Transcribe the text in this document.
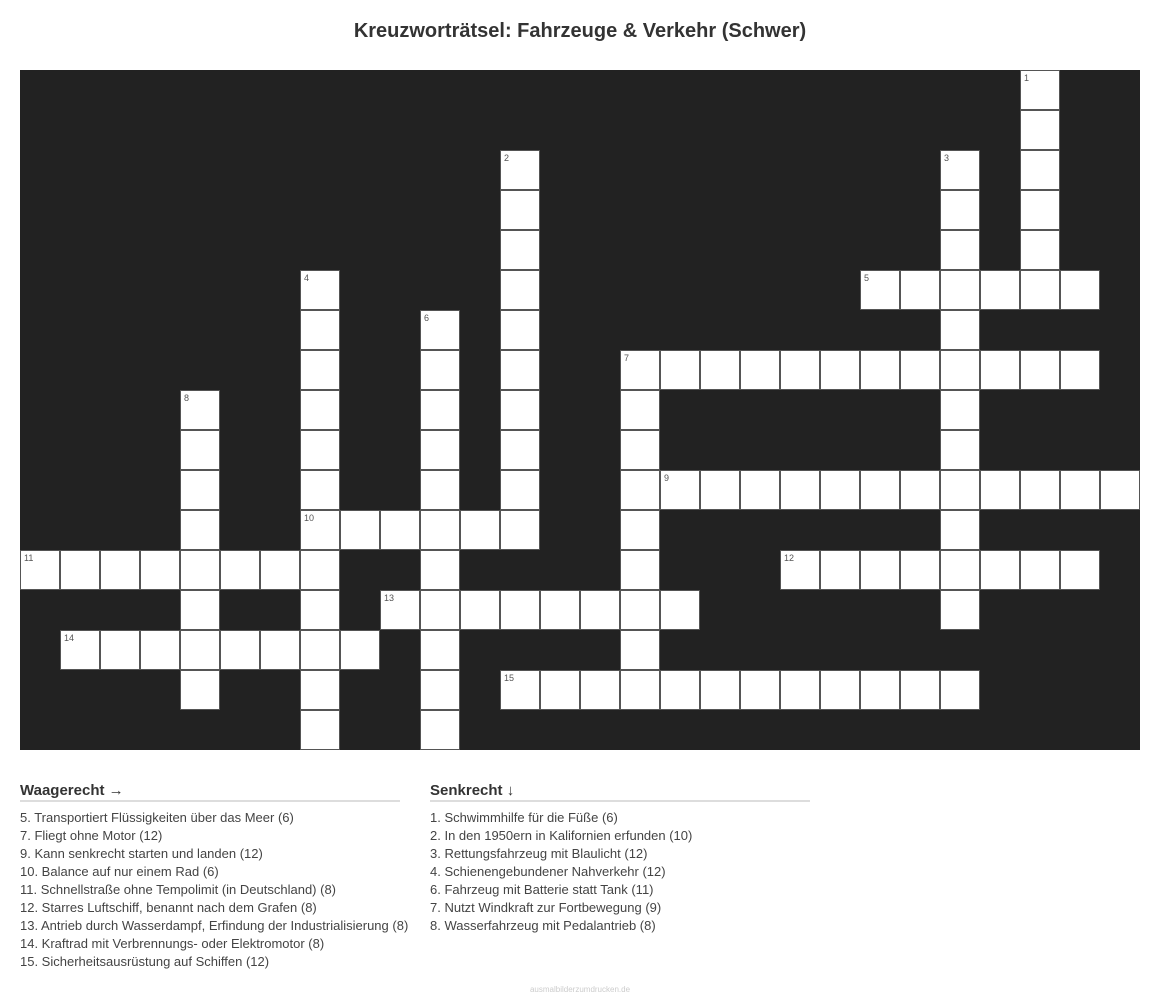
Kreuzworträtsel: Fahrzeuge & Verkehr (Schwer)
1
2	3
4
10
5
6
7
8
9
11	12
13
14
15
Waagerecht →
5. Transportiert Flüssigkeiten über das Meer (6)
7. Fliegt ohne Motor (12)
9. Kann senkrecht starten und landen (12)
10. Balance auf nur einem Rad (6)
11. Schnellstraße ohne Tempolimit (in Deutschland) (8)
12. Starres Luftschiff, benannt nach dem Grafen (8)
13. Antrieb durch Wasserdampf, Erfindung der Industrialisierung (8)
14. Kraftrad mit Verbrennungs- oder Elektromotor (8)
15. Sicherheitsausrüstung auf Schiffen (12)
Senkrecht ↓
1. Schwimmhilfe für die Füße (6)
2. In den 1950ern in Kalifornien erfunden (10)
3. Rettungsfahrzeug mit Blaulicht (12)
4. Schienengebundener Nahverkehr (12)
6. Fahrzeug mit Batterie statt Tank (11)
7. Nutzt Windkraft zur Fortbewegung (9)
8. Wasserfahrzeug mit Pedalantrieb (8)
ausmalbilderzumdrucken.de
